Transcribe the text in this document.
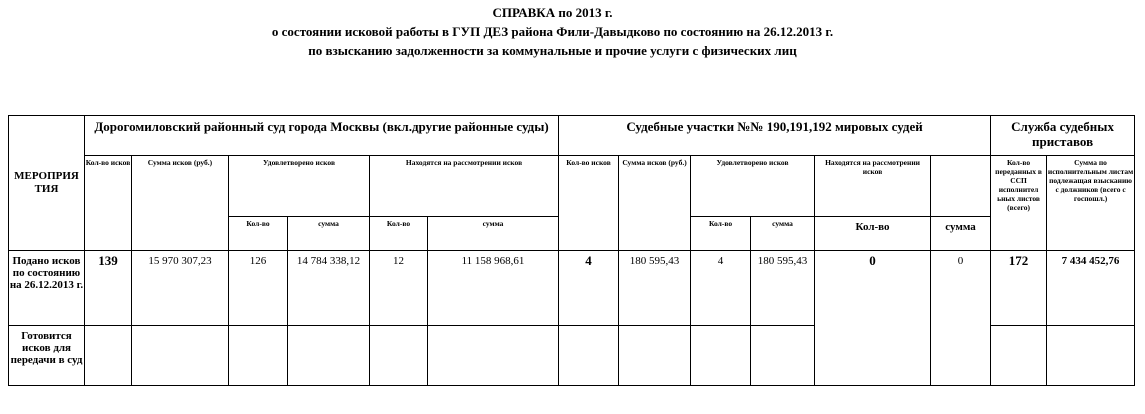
СПРАВКА по 2013 г.
о состоянии исковой работы в ГУП ДЕЗ района Фили-Давыдково по состоянию на 26.12.2013 г.
по взысканию задолженности за коммунальные и прочие услуги с физических лиц
МЕРОПРИЯ ТИЯ	Дорогомиловский районный суд города Москвы (вкл.другие районные суды)						Судебные участки №№ 190,191,192 мировых судей						Служба судебных приставов	
	Кол-во исков	Сумма исков (руб.)	Удовлетворено исков		Находятся на рассмотрении исков		Кол-во исков	Сумма исков (руб.)	Удовлетворено исков		Находятся на рассмотрении исков		Кол-во переданных в ССП исполнител ьных листов (всего)	Сумма по исполнительным листам подлежащая взысканию с должников (всего с госпошл.)
			Кол-во	сумма	Кол-во	сумма			Кол-во	сумма	Кол-во	сумма		
Подано исков по состоянию на 26.12.2013 г.	139	15 970 307,23	126	14 784 338,12	12	11 158 968,61	4	180 595,43	4	180 595,43	0	0	172	7 434 452,76
Готовится исков для передачи в суд														
